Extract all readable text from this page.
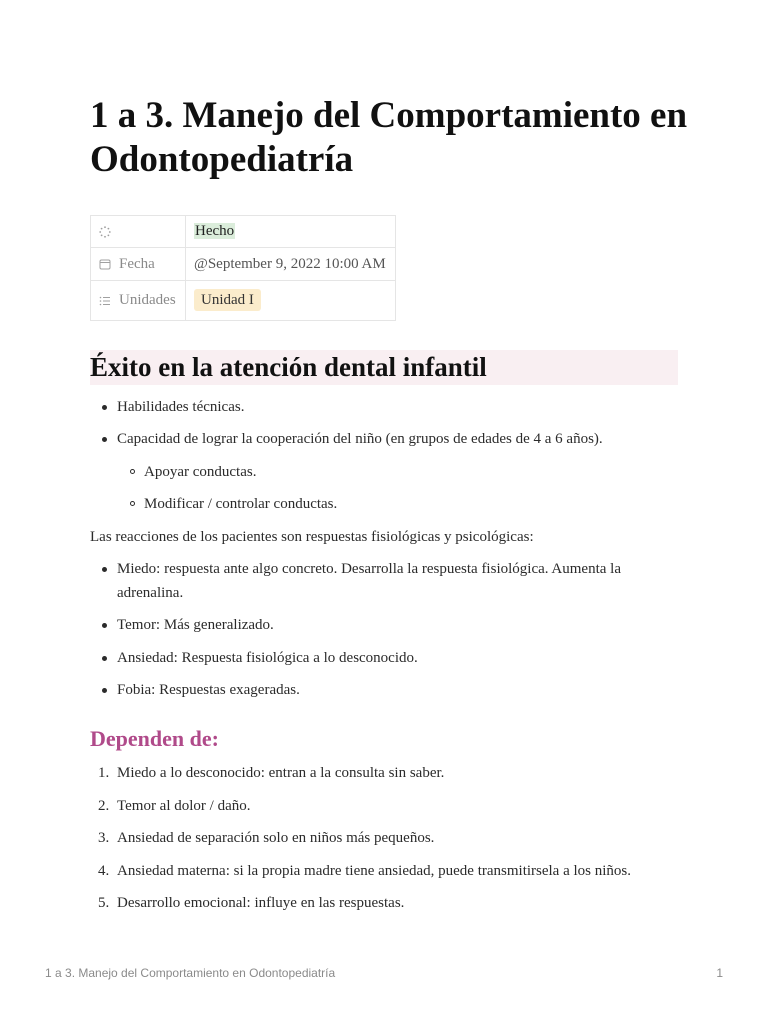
1 a 3. Manejo del Comportamiento en Odontopediatría
	Hecho

Fecha	@September 9, 2022 10:00 AM

Unidades	Unidad I
Éxito en la atención dental infantil
Habilidades técnicas.
Capacidad de lograr la cooperación del niño (en grupos de edades de 4 a 6 años).
Apoyar conductas.
Modificar / controlar conductas.

Las reacciones de los pacientes son respuestas fisiológicas y psicológicas:

Miedo: respuesta ante algo concreto. Desarrolla la respuesta fisiológica. Aumenta la adrenalina.
Temor: Más generalizado.
Ansiedad: Respuesta fisiológica a lo desconocido.
Fobia: Respuestas exageradas.
Dependen de:
1. Miedo a lo desconocido: entran a la consulta sin saber.
2. Temor al dolor / daño.
3. Ansiedad de separación solo en niños más pequeños.
4. Ansiedad materna: si la propia madre tiene ansiedad, puede transmitirsela a los niños.
5. Desarrollo emocional: influye en las respuestas.
1 a 3. Manejo del Comportamiento en Odontopediatría	1
